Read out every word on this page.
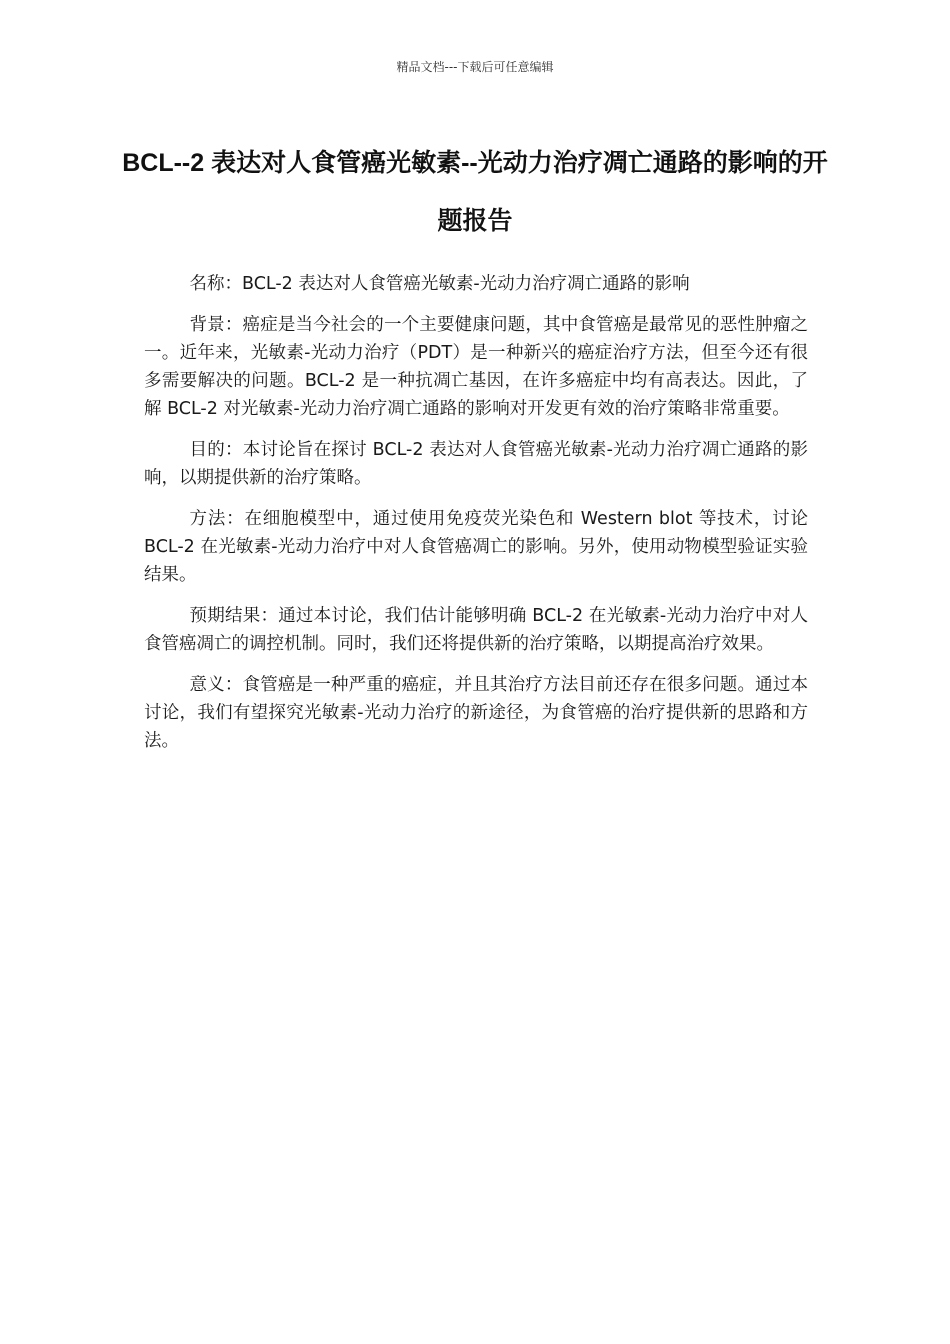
精品文档---下载后可任意编辑
BCL--2 表达对人食管癌光敏素--光动力治疗凋亡通路的影响的开题报告

名称：BCL-2 表达对人食管癌光敏素-光动力治疗凋亡通路的影响

背景：癌症是当今社会的一个主要健康问题，其中食管癌是最常见的恶性肿瘤之一。近年来，光敏素-光动力治疗（PDT）是一种新兴的癌症治疗方法，但至今还有很多需要解决的问题。BCL-2 是一种抗凋亡基因，在许多癌症中均有高表达。因此，了解 BCL-2 对光敏素-光动力治疗凋亡通路的影响对开发更有效的治疗策略非常重要。

目的：本讨论旨在探讨 BCL-2 表达对人食管癌光敏素-光动力治疗凋亡通路的影响，以期提供新的治疗策略。

方法：在细胞模型中，通过使用免疫荧光染色和 Western blot 等技术，讨论 BCL-2 在光敏素-光动力治疗中对人食管癌凋亡的影响。另外，使用动物模型验证实验结果。

预期结果：通过本讨论，我们估计能够明确 BCL-2 在光敏素-光动力治疗中对人食管癌凋亡的调控机制。同时，我们还将提供新的治疗策略，以期提高治疗效果。

意义：食管癌是一种严重的癌症，并且其治疗方法目前还存在很多问题。通过本讨论，我们有望探究光敏素-光动力治疗的新途径，为食管癌的治疗提供新的思路和方法。
